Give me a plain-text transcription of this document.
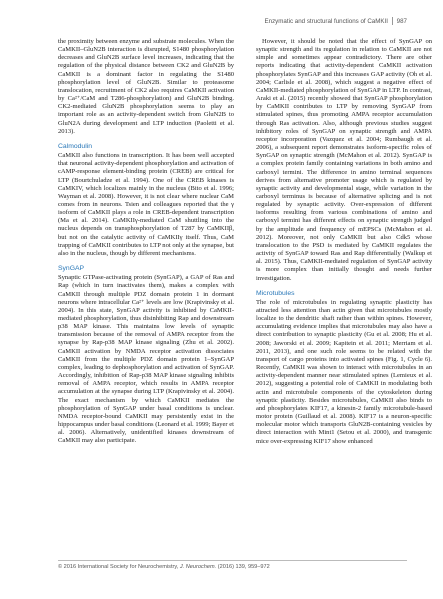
Enzymatic and structural functions of CaMKII 987

the proximity between enzyme and substrate molecules. When the CaMKII–GluN2B interaction is disrupted, S1480 phosphorylation decreases and GluN2B surface level increases, indicating that the regulation of the physical distance between CK2 and GluN2B by CaMKII is a dominant factor in regulating the S1480 phosphorylation level of GluN2B. Similar to proteasome translocation, recruitment of CK2 also requires CaMKII activation by Ca²⁺/CaM and T286-phosphorylation) and GluN2B binding. CK2-mediated GluN2B phosphorylation seems to play an important role as an activity-dependent switch from GluN2B to GluN2A during development and LTP induction (Paoletti et al. 2013).

Calmodulin

CaMKII also functions in transcription. It has been well accepted that neuronal activity-dependent phosphorylation and activation of cAMP-response element-binding protein (CREB) are critical for LTP (Bourtchuladze et al. 1994). One of the CREB kinases is CaMKIV, which localizes mainly in the nucleus (Bito et al. 1996; Wayman et al. 2008). However, it is not clear where nuclear CaM comes from in neurons. Tsien and colleagues reported that the γ isoform of CaMKII plays a role in CREB-dependent transcription (Ma et al. 2014). CaMKIIγ-mediated CaM shuttling into the nucleus depends on transphosphorylation of T287 by CaMKIIβ, but not on the catalytic activity of CaMKIIγ itself. Thus, CaM trapping of CaMKII contributes to LTP not only at the synapse, but also in the nucleus, though by different mechanisms.

SynGAP

Synaptic GTPase-activating protein (SynGAP), a GAP of Ras and Rap (which in turn inactivates them), makes a complex with CaMKII through multiple PDZ domain protein 1 in dormant neurons where intracellular Ca²⁺ levels are low (Krapivinsky et al. 2004). In this state, SynGAP activity is inhibited by CaMKII-mediated phosphorylation, thus disinhibiting Rap and downstream p38 MAP kinase. This maintains low levels of synaptic transmission because of the removal of AMPA receptor from the synapse by Rap-p38 MAP kinase signaling (Zhu et al. 2002). CaMKII activation by NMDA receptor activation dissociates CaMKII from the multiple PDZ domain protein 1–SynGAP complex, leading to dephosphorylation and activation of SynGAP. Accordingly, inhibition of Rap-p38 MAP kinase signaling inhibits removal of AMPA receptor, which results in AMPA receptor accumulation at the synapse during LTP (Krapivinsky et al. 2004). The exact mechanism by which CaMKII mediates the phosphorylation of SynGAP under basal conditions is unclear. NMDA receptor-bound CaMKII may persistently exist in the hippocampus under basal conditions (Leonard et al. 1999; Bayer et al. 2006). Alternatively, unidentified kinases downstream of CaMKII may also participate.

However, it should be noted that the effect of SynGAP on synaptic strength and its regulation in relation to CaMKII are not simple and sometimes appear contradictory. There are other reports indicating that activity-dependent CaMKII activation phosphorylates SynGAP and this increases GAP activity (Oh et al. 2004; Carlisle et al. 2008), which suggest a negative effect of CaMKII-mediated phosphorylation of SynGAP in LTP. In contrast, Araki et al. (2015) recently showed that SynGAP phosphorylation by CaMKII contributes to LTP by removing SynGAP from stimulated spines, thus promoting AMPA receptor accumulation through Ras activation. Also, although previous studies suggest inhibitory roles of SynGAP on synaptic strength and AMPA receptor incorporation (Vazquez et al. 2004; Rumbaugh et al. 2006), a subsequent report demonstrates isoform-specific roles of SynGAP on synaptic strength (McMahon et al. 2012). SynGAP is a complex protein family containing variations in both amino and carboxyl termini. The difference in amino terminal sequences derives from alternative promoter usage which is regulated by synaptic activity and developmental stage, while variation in the carboxyl terminus is because of alternative splicing and is not regulated by synaptic activity. Over-expression of different isoforms resulting from various combinations of amino and carboxyl termini has different effects on synaptic strength judged by the amplitude and frequency of mEPSCs (McMahon et al. 2012). Moreover, not only CaMKII but also Cdk5 whose translocation to the PSD is mediated by CaMKII regulates the activity of SynGAP toward Ras and Rap differentially (Walkup et al. 2015). Thus, CaMKII-mediated regulation of SynGAP activity is more complex than initially thought and needs further investigation.

Microtubules

The role of microtubules in regulating synaptic plasticity has attracted less attention than actin given that microtubules mostly localize to the dendritic shaft rather than within spines. However, accumulating evidence implies that microtubules may also have a direct contribution to synaptic plasticity (Gu et al. 2008; Hu et al. 2008; Jaworski et al. 2009; Kapitein et al. 2011; Merriam et al. 2011, 2013), and one such role seems to be related with the transport of cargo proteins into activated spines (Fig. 1, Cycle 6). Recently, CaMKII was shown to interact with microtubules in an activity-dependent manner near stimulated spines (Lemieux et al. 2012), suggesting a potential role of CaMKII in modulating both actin and microtubule components of the cytoskeleton during synaptic plasticity. Besides microtubules, CaMKII also binds to and phosphorylates KIF17, a kinesin-2 family microtubule-based motor protein (Guillaud et al. 2008). KIF17 is a neuron-specific molecular motor which transports GluN2B-containing vesicles by direct interaction with Mint1 (Setou et al. 2000), and transgenic mice over-expressing KIF17 show enhanced

© 2016 International Society for Neurochemistry, J. Neurochem. (2016) 139, 959–972
